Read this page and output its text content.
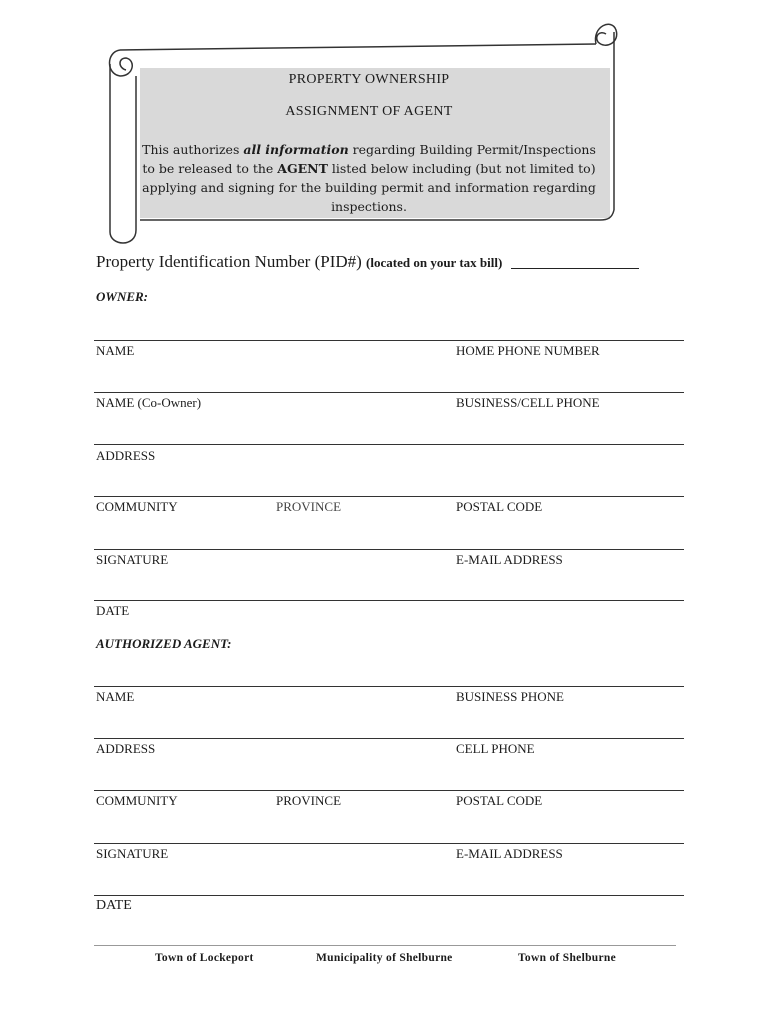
PROPERTY OWNERSHIP
ASSIGNMENT OF AGENT
This authorizes all information regarding Building Permit/Inspections to be released to the AGENT listed below including (but not limited to) applying and signing for the building permit and information regarding inspections.
Property Identification Number (PID#) (located on your tax bill)
OWNER:
NAME	HOME PHONE NUMBER
NAME (Co-Owner)	BUSINESS/CELL PHONE
ADDRESS
COMMUNITY	PROVINCE	POSTAL CODE
SIGNATURE	E-MAIL ADDRESS
DATE
AUTHORIZED AGENT:
NAME	BUSINESS PHONE
ADDRESS	CELL PHONE
COMMUNITY	PROVINCE	POSTAL CODE
SIGNATURE	E-MAIL ADDRESS
DATE
Town of Lockeport	Municipality of Shelburne	Town of Shelburne
